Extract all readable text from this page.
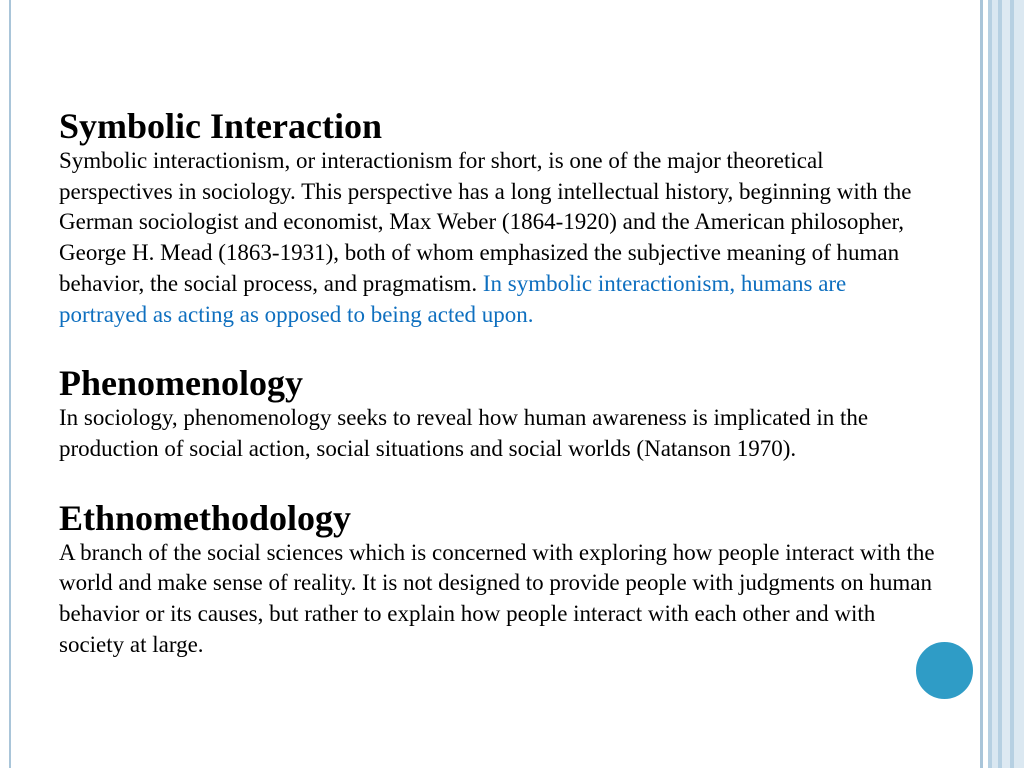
Symbolic Interaction

Symbolic interactionism, or interactionism for short, is one of the major theoretical perspectives in sociology. This perspective has a long intellectual history, beginning with the German sociologist and economist, Max Weber (1864-1920) and the American philosopher, George H. Mead (1863-1931), both of whom emphasized the subjective meaning of human behavior, the social process, and pragmatism. In symbolic interactionism, humans are portrayed as acting as opposed to being acted upon.

Phenomenology

In sociology, phenomenology seeks to reveal how human awareness is implicated in the production of social action, social situations and social worlds (Natanson 1970).

Ethnomethodology

A branch of the social sciences which is concerned with exploring how people interact with the world and make sense of reality. It is not designed to provide people with judgments on human behavior or its causes, but rather to explain how people interact with each other and with society at large.
